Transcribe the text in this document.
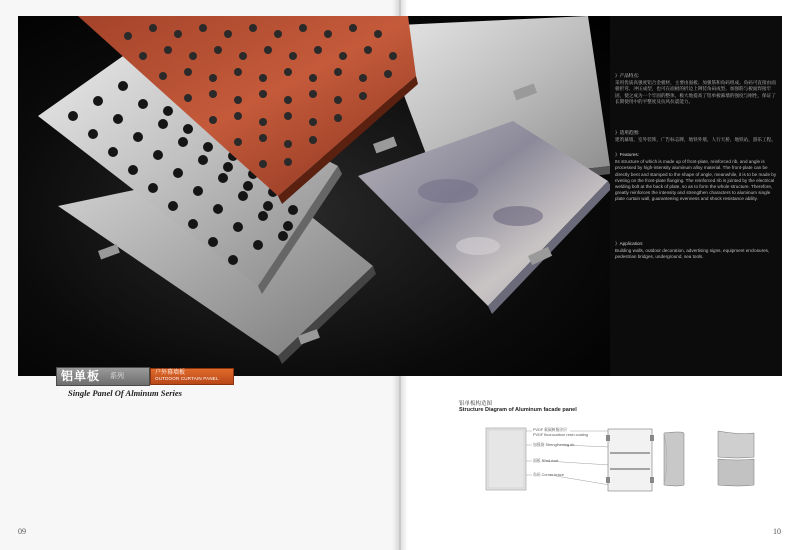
》产品特点:
采用优质高强度铝合金板材，主要由面板、加强筋和角码组成。角码可直接由面板折弯、冲压成型，也可在面板的折边上铆装角码成型。加强筋与板面焊接牢固，使之成为一个牢固的整体，极大地提高了铝单板幕墙的强度与刚性，保证了长期使用中的平整度及抗风抗震能力。
》适用范围:
建筑幕墙，室外装饰，广告标志牌，地铁外墙，人行天桥，地铁站，游乐工程。
》Features:
Its structure of which is made up of front-plate, reinforced rib, and angle is processed by high-intensity aluminum alloy material. The front-plate can be directly bent and stamped to the shape of angle, meanwhile, it is to be made by riveting on the front-plate flanging. The reinforced rib is jointed by the electrical welding bolt at the back of plate, so as to form the whole structure. Therefore, greatly reinforces the intensity and strengthen characters to aluminum single plate curtain wall, guaranteeing evenness and shock resistance ability.
》Application:
Building walls, outdoor decoration, advertising signs, equipment enclosures, pedestrian bridges, underground, sea tools.
铝单板 系列	户外幕墙板
OUTDOOR CURTAIN PANEL
Single Panel Of Alminum Series
铝单板构造图
Structure Diagram of Aluminum facade panel
PVDF 氟碳树脂涂层
PVDF fluorocarbon resin coating
加强筋 Strengthening rib
面板 Blind rivet
角码 Corner brace
09	10
